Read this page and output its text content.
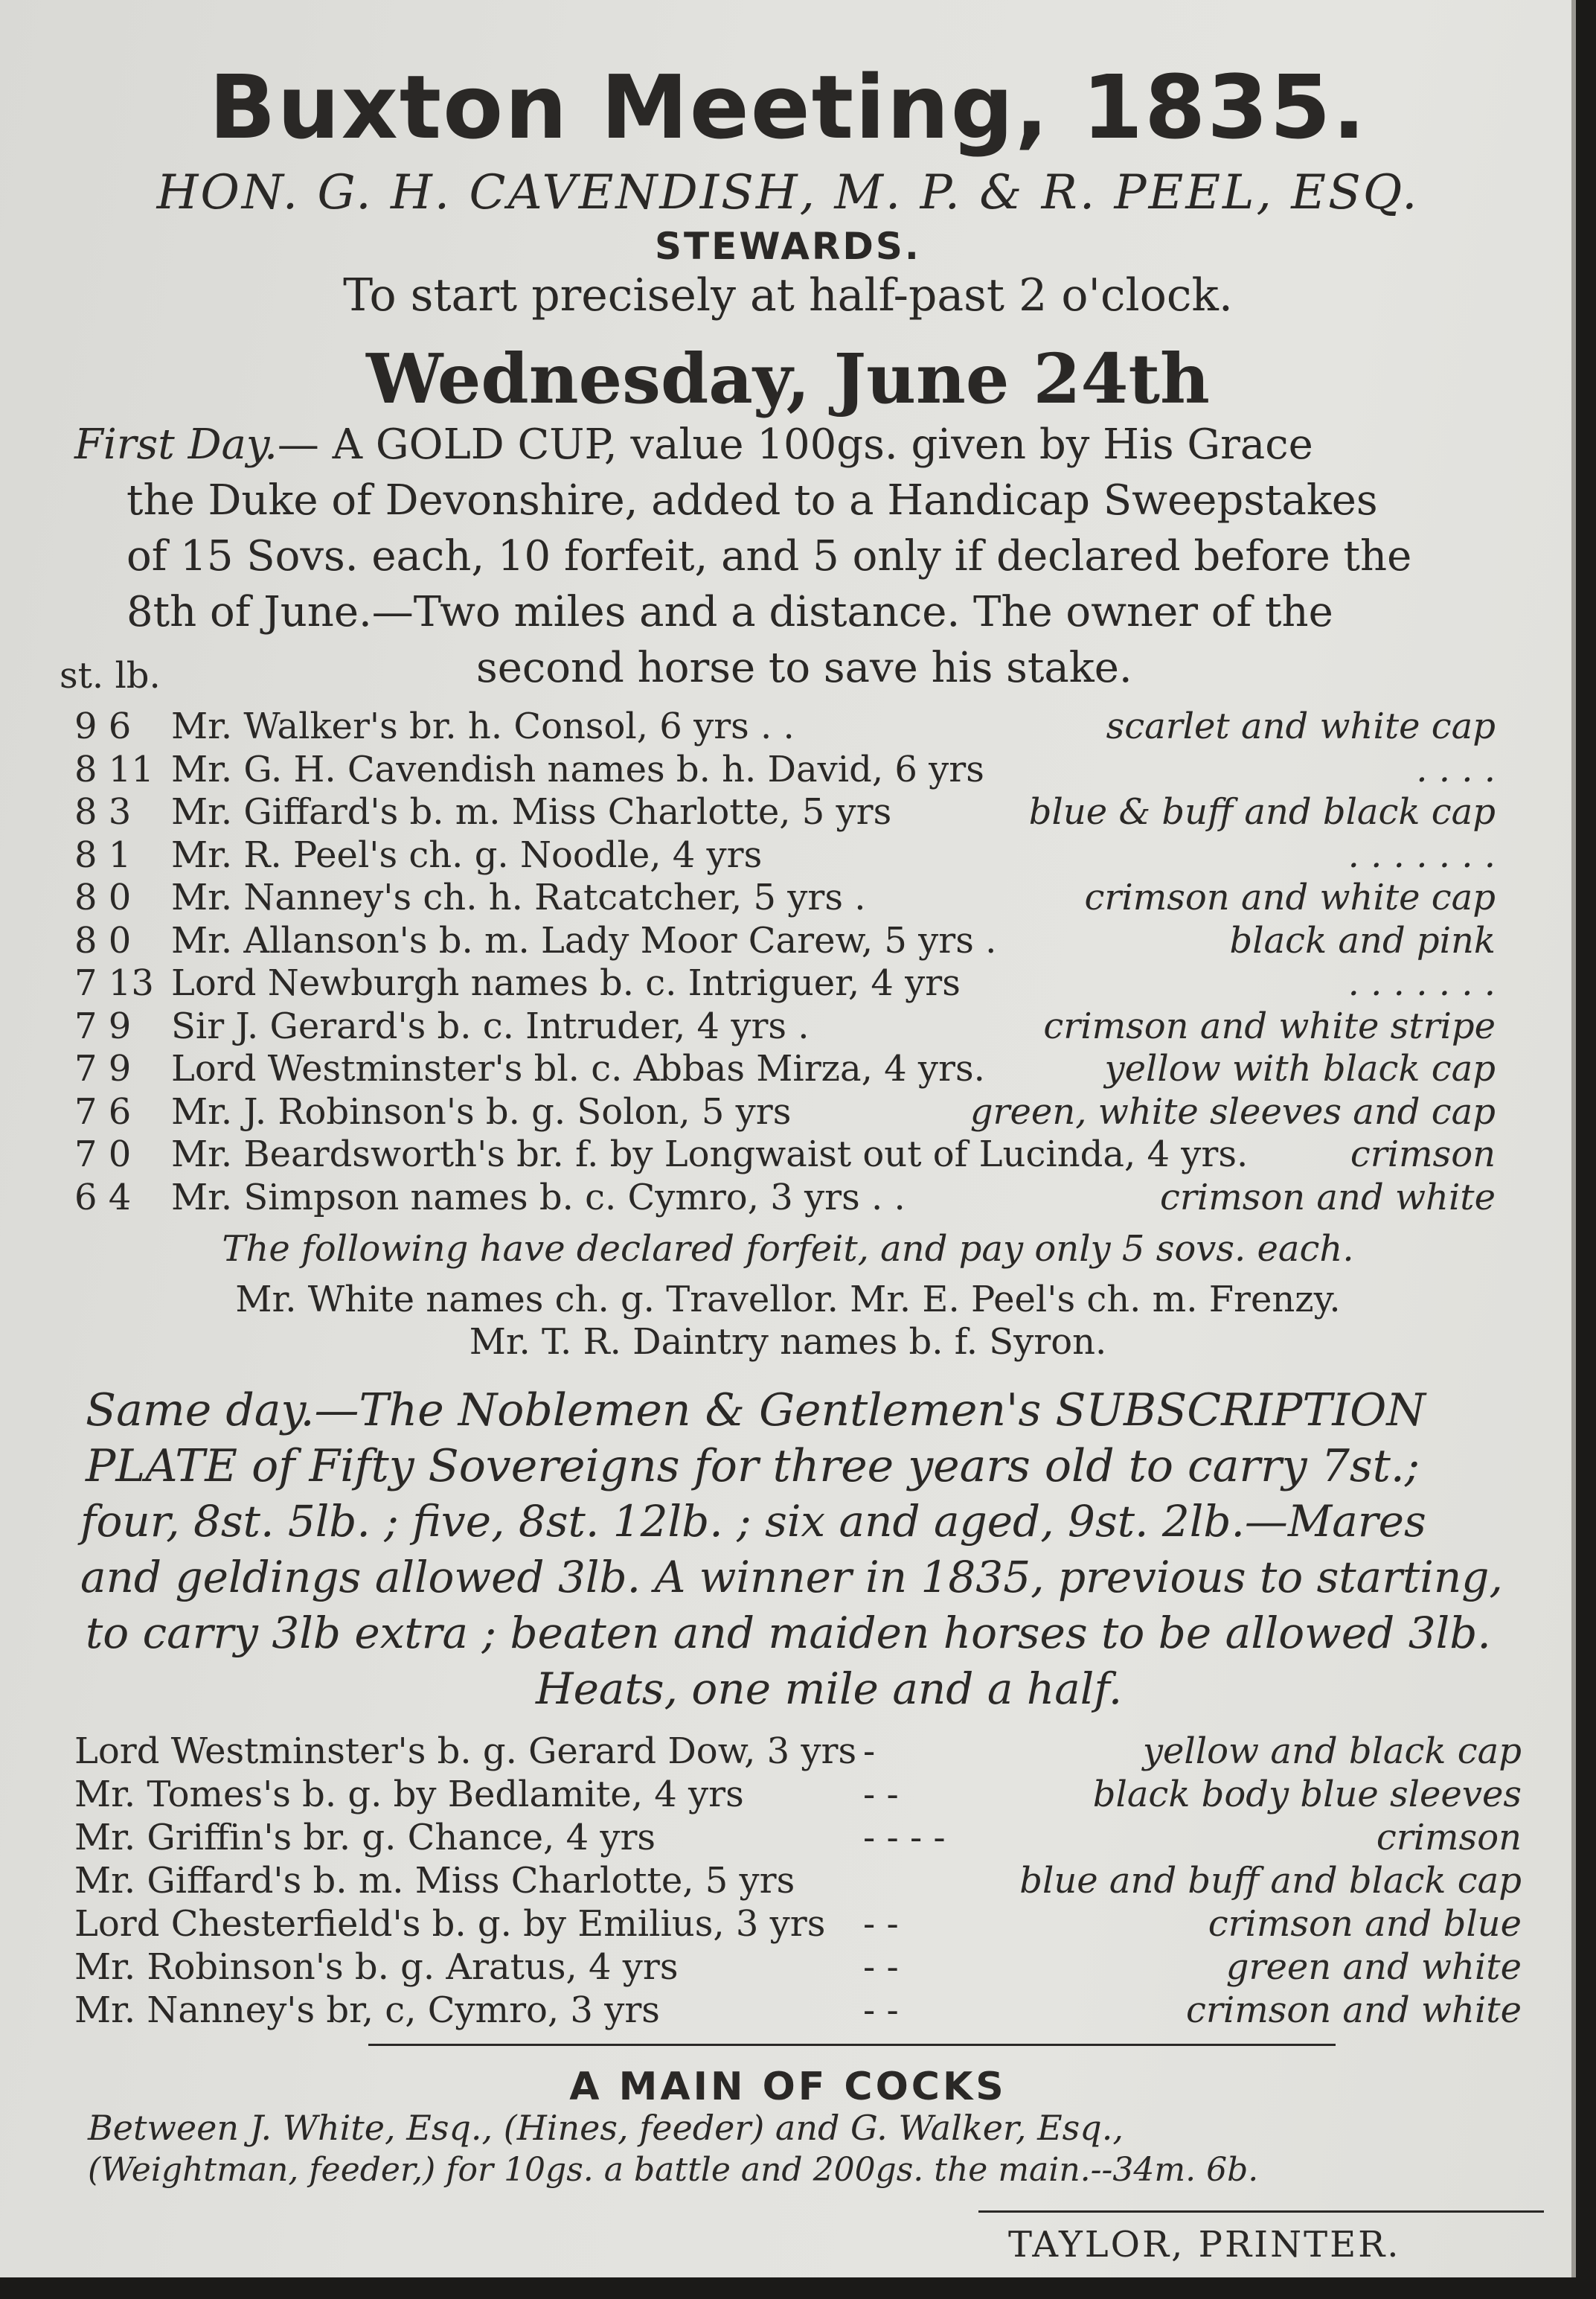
Buxton Meeting, 1835.
HON. G. H. CAVENDISH, M. P. & R. PEEL, ESQ.
STEWARDS.
To start precisely at half-past 2 o'clock.
Wednesday, June 24th
First Day.— A GOLD CUP, value 100gs. given by His Grace
the Duke of Devonshire, added to a Handicap Sweepstakes
of 15 Sovs. each, 10 forfeit, and 5 only if declared before the
8th of June.—Two miles and a distance. The owner of the
second horse to save his stake.
st. lb.
9 6 Mr. Walker's br. h. Consol, 6 yrs . .	scarlet and white cap
8 11 Mr. G. H. Cavendish names b. h. David, 6 yrs	. . . .
8 3 Mr. Giffard's b. m. Miss Charlotte, 5 yrs	blue & buff and black cap
8 1 Mr. R. Peel's ch. g. Noodle, 4 yrs	. . . . . . .
8 0 Mr. Nanney's ch. h. Ratcatcher, 5 yrs .	crimson and white cap
8 0 Mr. Allanson's b. m. Lady Moor Carew, 5 yrs .	black and pink
7 13 Lord Newburgh names b. c. Intriguer, 4 yrs	. . . . . . .
7 9 Sir J. Gerard's b. c. Intruder, 4 yrs .	crimson and white stripe
7 9 Lord Westminster's bl. c. Abbas Mirza, 4 yrs.	yellow with black cap
7 6 Mr. J. Robinson's b. g. Solon, 5 yrs	green, white sleeves and cap
7 0 Mr. Beardsworth's br. f. by Longwaist out of Lucinda, 4 yrs.	crimson
6 4 Mr. Simpson names b. c. Cymro, 3 yrs . .	crimson and white
The following have declared forfeit, and pay only 5 sovs. each.
Mr. White names ch. g. Travellor. Mr. E. Peel's ch. m. Frenzy.
Mr. T. R. Daintry names b. f. Syron.
Same day.—The Noblemen & Gentlemen's SUBSCRIPTION
PLATE of Fifty Sovereigns for three years old to carry 7st.;
four, 8st. 5lb. ; five, 8st. 12lb. ; six and aged, 9st. 2lb.—Mares
and geldings allowed 3lb. A winner in 1835, previous to starting,
to carry 3lb extra ; beaten and maiden horses to be allowed 3lb.
Heats, one mile and a half.
Lord Westminster's b. g. Gerard Dow, 3 yrs -	yellow and black cap
Mr. Tomes's b. g. by Bedlamite, 4 yrs	- -	black body blue sleeves
Mr. Griffin's br. g. Chance, 4 yrs	- - - -	crimson
Mr. Giffard's b. m. Miss Charlotte, 5 yrs	blue and buff and black cap
Lord Chesterfield's b. g. by Emilius, 3 yrs - -	crimson and blue
Mr. Robinson's b. g. Aratus, 4 yrs	- -	green and white
Mr. Nanney's br, c, Cymro, 3 yrs	- -	crimson and white
A MAIN OF COCKS
Between J. White, Esq., (Hines, feeder) and G. Walker, Esq.,
(Weightman, feeder,) for 10gs. a battle and 200gs. the main.--34m. 6b.
TAYLOR, PRINTER.
